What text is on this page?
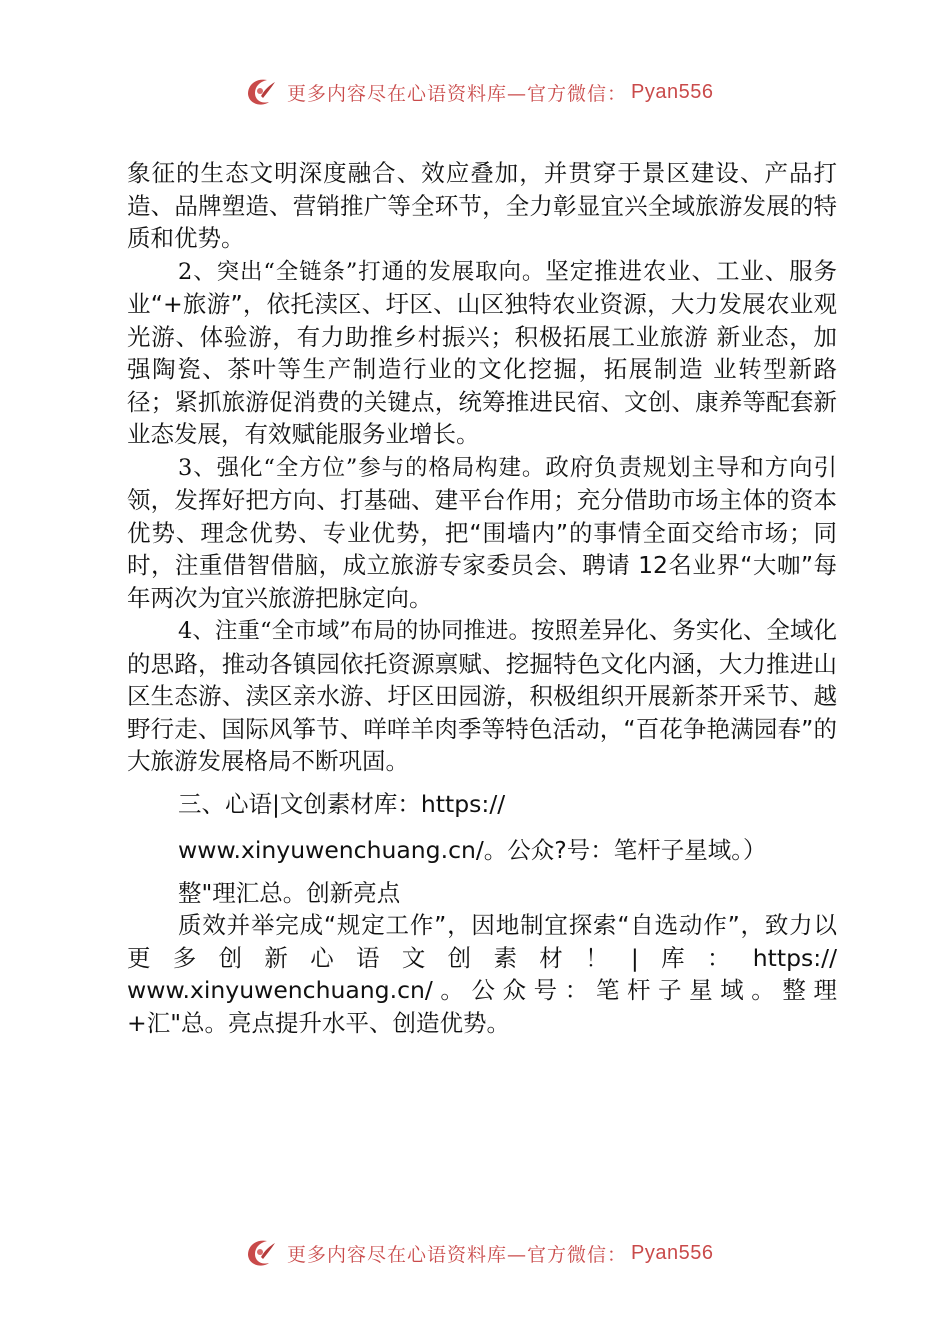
更多内容尽在心语资料库—官方微信： Pyan556

象征的生态文明深度融合、效应叠加，并贯穿于景区建设、产品打造、品牌塑造、营销推广等全环节，全力彰显宜兴全域旅游发展的特质和优势。

2、突出“全链条”打通的发展取向。坚定推进农业、工业、服务业“+旅游”，依托渎区、圩区、山区独特农业资源，大力发展农业观光游、体验游，有力助推乡村振兴；积极拓展工业旅游 新业态，加强陶瓷、茶叶等生产制造行业的文化挖掘，拓展制造 业转型新路径；紧抓旅游促消费的关键点，统筹推进民宿、文创、康养等配套新业态发展，有效赋能服务业增长。

3、强化“全方位”参与的格局构建。政府负责规划主导和方向引领，发挥好把方向、打基础、建平台作用；充分借助市场主体的资本优势、理念优势、专业优势，把“围墙内”的事情全面交给市场；同时，注重借智借脑，成立旅游专家委员会、聘请 12名业界“大咖”每年两次为宜兴旅游把脉定向。

4、注重“全市域”布局的协同推进。按照差异化、务实化、全域化的思路，推动各镇园依托资源禀赋、挖掘特色文化内涵，大力推进山区生态游、渎区亲水游、圩区田园游，积极组织开展新茶开采节、越野行走、国际风筝节、咩咩羊肉季等特色活动，“百花争艳满园春”的大旅游发展格局不断巩固。

三、心语|文创素材库：https://

www.xinyuwenchuang.cn/。公众?号：笔杆子星域。）

整"理汇总。创新亮点

质效并举完成“规定工作”，因地制宜探索“自选动作”，致力以更多创新心语文创素材！|库：https:// www.xinyuwenchuang.cn/。公众号：笔杆子星域。整理+汇"总。亮点提升水平、创造优势。

更多内容尽在心语资料库—官方微信： Pyan556
